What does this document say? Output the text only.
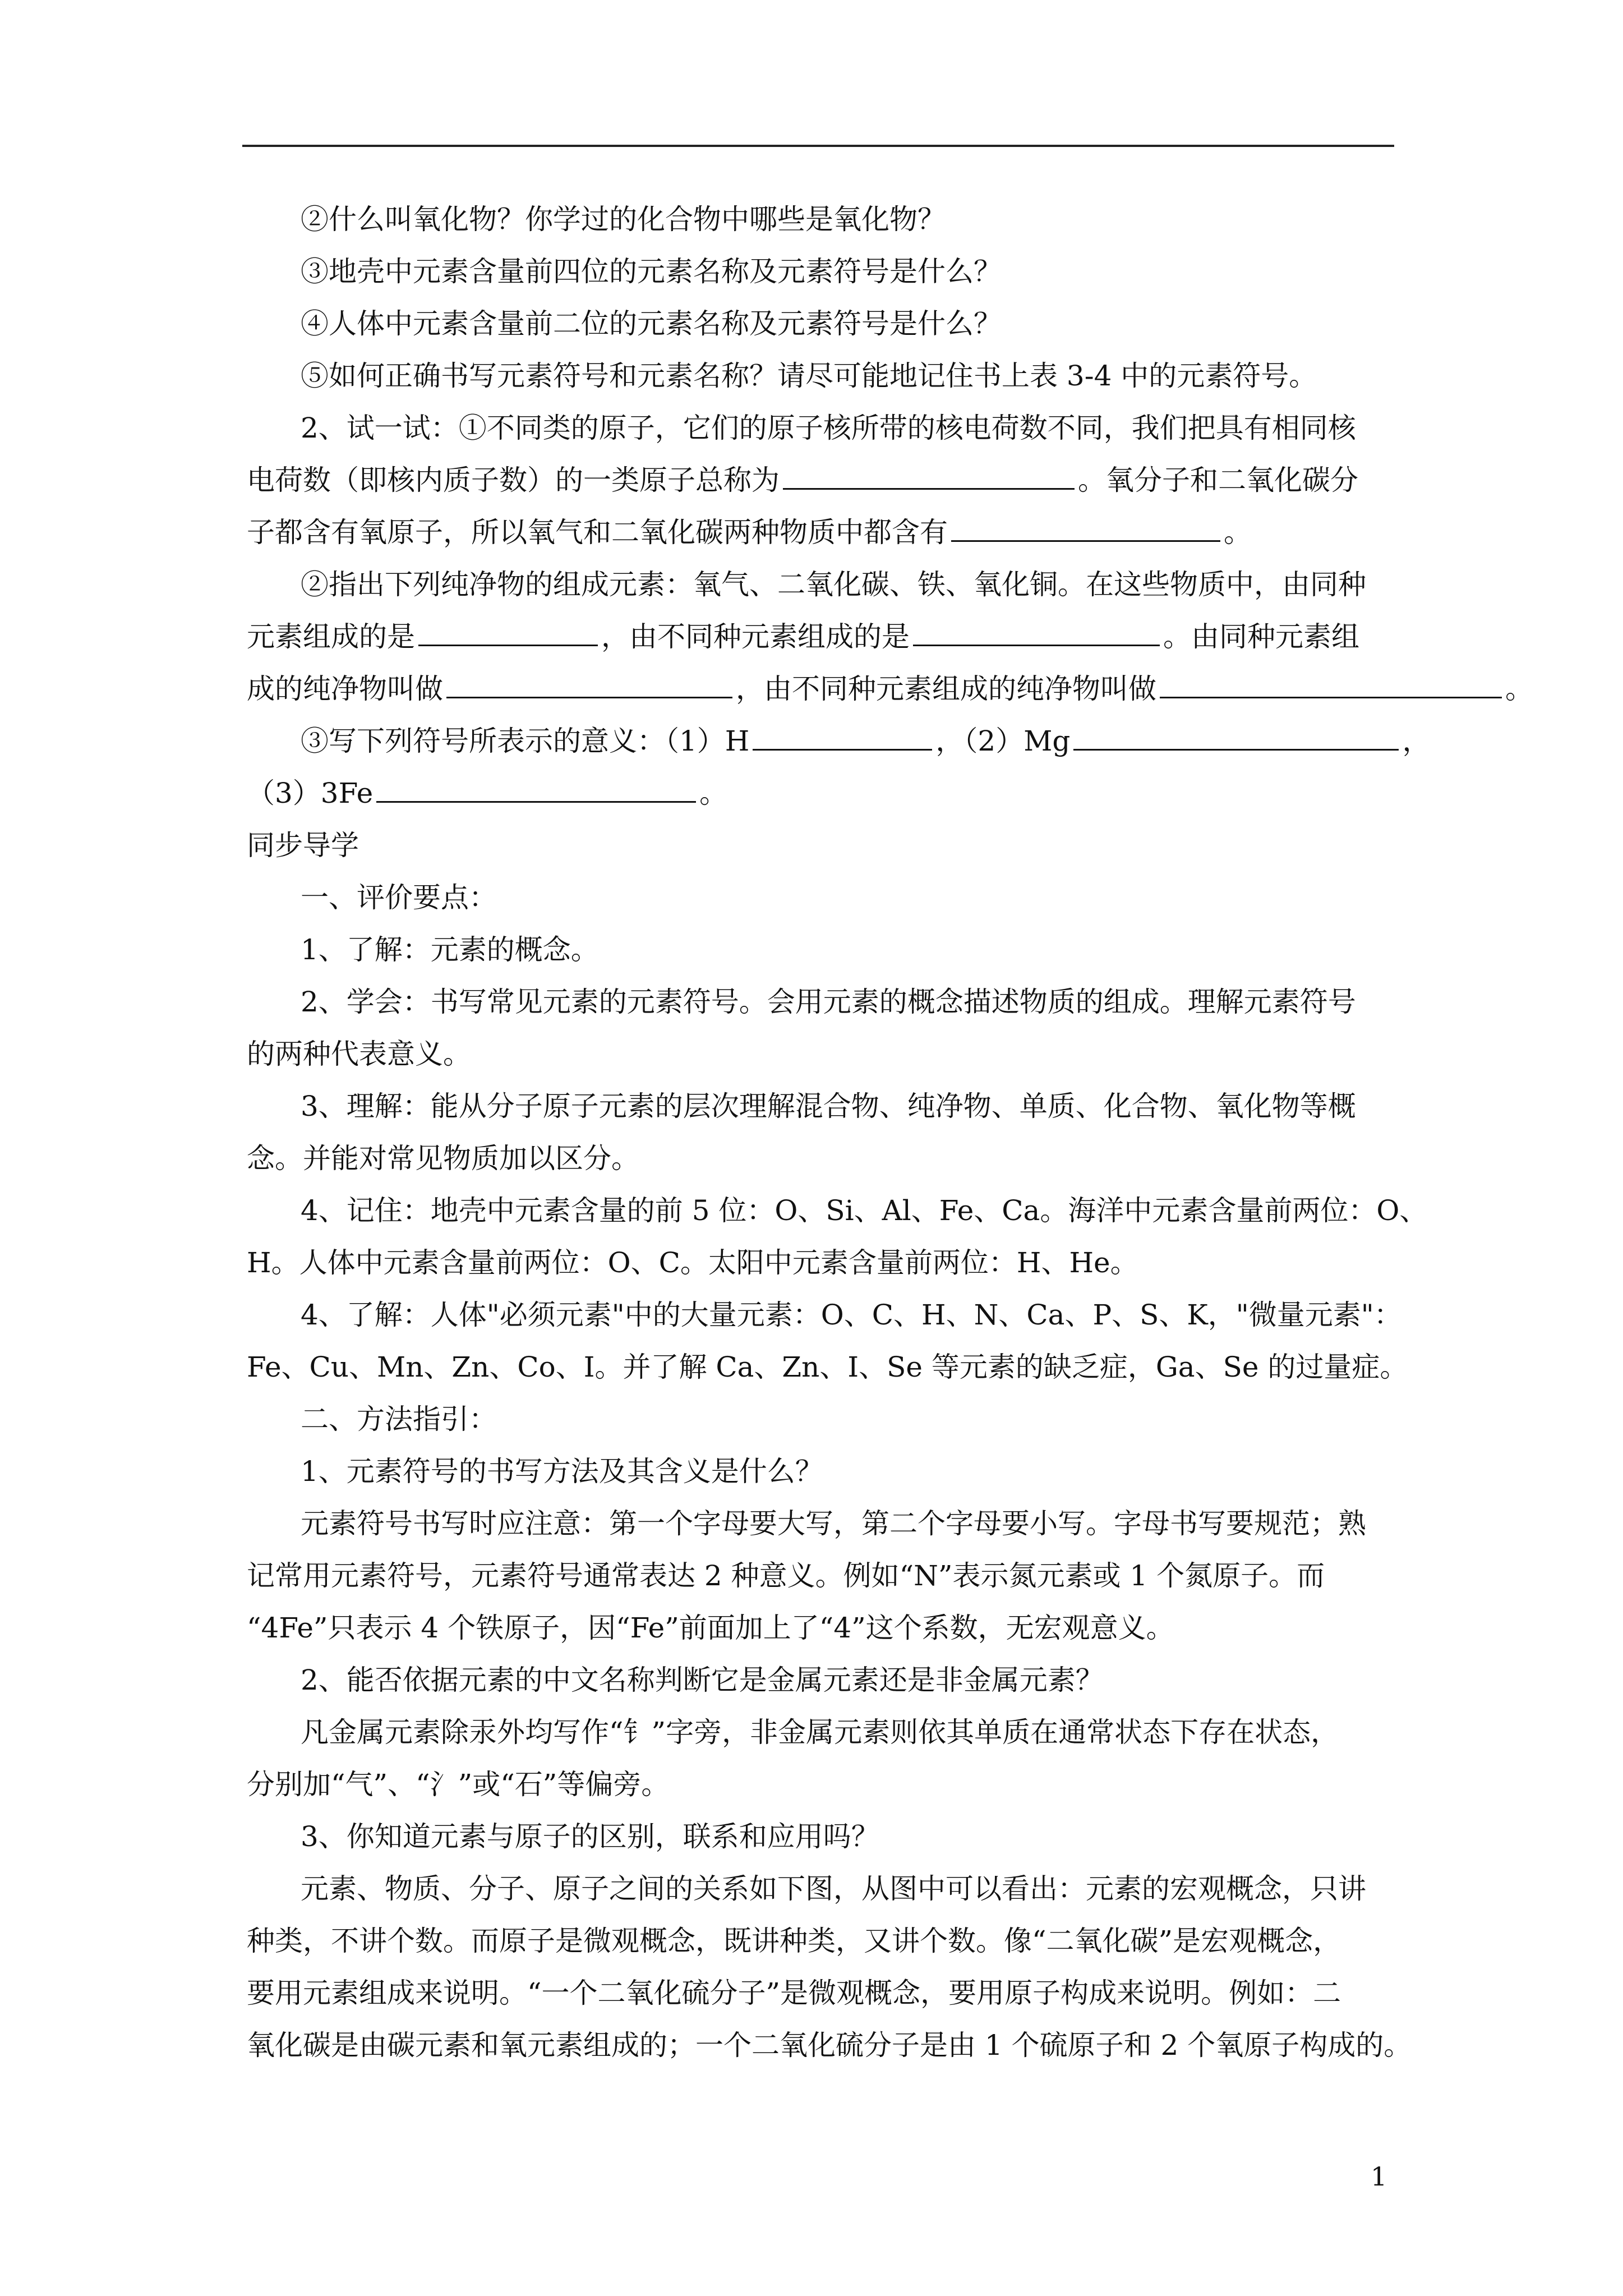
②什么叫氧化物？你学过的化合物中哪些是氧化物？
③地壳中元素含量前四位的元素名称及元素符号是什么？
④人体中元素含量前二位的元素名称及元素符号是什么？
⑤如何正确书写元素符号和元素名称？请尽可能地记住书上表 3-4 中的元素符号。
2、试一试：①不同类的原子，它们的原子核所带的核电荷数不同，我们把具有相同核
电荷数（即核内质子数）的一类原子总称为	。氧分子和二氧化碳分
子都含有氧原子，所以氧气和二氧化碳两种物质中都含有	。
②指出下列纯净物的组成元素：氧气、二氧化碳、铁、氧化铜。在这些物质中，由同种
元素组成的是	，由不同种元素组成的是	。由同种元素组
成的纯净物叫做	，由不同种元素组成的纯净物叫做	。
③写下列符号所表示的意义：（1）H	，（2）Mg	，
（3）3Fe	。
同步导学
一、评价要点：
1、了解：元素的概念。
2、学会：书写常见元素的元素符号。会用元素的概念描述物质的组成。理解元素符号
的两种代表意义。
3、理解：能从分子原子元素的层次理解混合物、纯净物、单质、化合物、氧化物等概
念。并能对常见物质加以区分。
4、记住：地壳中元素含量的前 5 位：O、Si、Al、Fe、Ca。海洋中元素含量前两位：O、
H。人体中元素含量前两位：O、C。太阳中元素含量前两位：H、He。
4、了解：人体"必须元素"中的大量元素：O、C、H、N、Ca、P、S、K，"微量元素"：
Fe、Cu、Mn、Zn、Co、I。并了解 Ca、Zn、I、Se 等元素的缺乏症，Ga、Se 的过量症。
二、方法指引：
1、元素符号的书写方法及其含义是什么？
元素符号书写时应注意：第一个字母要大写，第二个字母要小写。字母书写要规范；熟
记常用元素符号，元素符号通常表达 2 种意义。例如“N”表示氮元素或 1 个氮原子。而
“4Fe”只表示 4 个铁原子，因“Fe”前面加上了“4”这个系数，无宏观意义。
2、能否依据元素的中文名称判断它是金属元素还是非金属元素？
凡金属元素除汞外均写作“钅”字旁，非金属元素则依其单质在通常状态下存在状态，
分别加“气”、“氵”或“石”等偏旁。
3、你知道元素与原子的区别，联系和应用吗？
元素、物质、分子、原子之间的关系如下图，从图中可以看出：元素的宏观概念，只讲
种类，不讲个数。而原子是微观概念，既讲种类，又讲个数。像“二氧化碳”是宏观概念，
要用元素组成来说明。“一个二氧化硫分子”是微观概念，要用原子构成来说明。例如：二
氧化碳是由碳元素和氧元素组成的；一个二氧化硫分子是由 1 个硫原子和 2 个氧原子构成的。
1
